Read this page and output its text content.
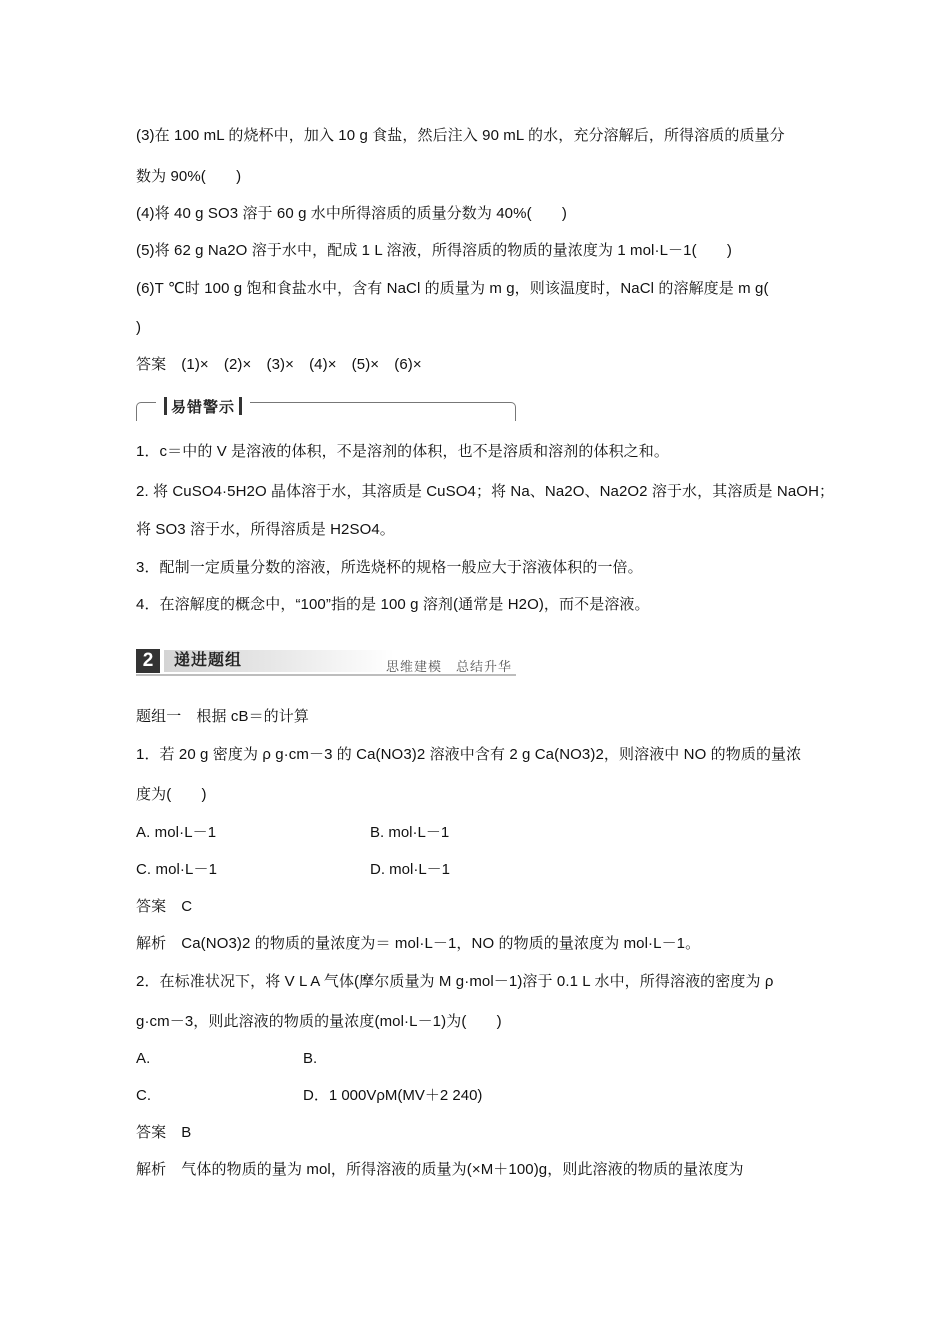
(3)在 100 mL 的烧杯中，加入 10 g 食盐，然后注入 90 mL 的水，充分溶解后，所得溶质的质量分
数为 90%(　　)
(4)将 40 g SO3 溶于 60 g 水中所得溶质的质量分数为 40%(　　)
(5)将 62 g Na2O 溶于水中，配成 1 L 溶液，所得溶质的物质的量浓度为 1 mol·L－1(　　)
(6)T ℃时 100 g 饱和食盐水中，含有 NaCl 的质量为 m g，则该温度时，NaCl 的溶解度是 m g(
)
答案　(1)×　(2)×　(3)×　(4)×　(5)×　(6)×
易错警示
1．c＝中的 V 是溶液的体积，不是溶剂的体积，也不是溶质和溶剂的体积之和。
2. 将 CuSO4·5H2O 晶体溶于水，其溶质是 CuSO4；将 Na、Na2O、Na2O2 溶于水，其溶质是 NaOH；
将 SO3 溶于水，所得溶质是 H2SO4。
3．配制一定质量分数的溶液，所选烧杯的规格一般应大于溶液体积的一倍。
4．在溶解度的概念中，“100”指的是 100 g 溶剂(通常是 H2O)，而不是溶液。
2	递进题组	思维建模　总结升华
题组一　根据 cB＝的计算
1．若 20 g 密度为 ρ g·cm－3 的 Ca(NO3)2 溶液中含有 2 g Ca(NO3)2，则溶液中 NO 的物质的量浓
度为(　　)
A. mol·L－1	B. mol·L－1
C. mol·L－1	D. mol·L－1
答案　C
解析　Ca(NO3)2 的物质的量浓度为＝ mol·L－1，NO 的物质的量浓度为 mol·L－1。
2．在标准状况下，将 V L A 气体(摩尔质量为 M g·mol－1)溶于 0.1 L 水中，所得溶液的密度为 ρ
g·cm－3，则此溶液的物质的量浓度(mol·L－1)为(　　)
A.	B.
C.	D．1 000VρM(MV＋2 240)
答案　B
解析　气体的物质的量为 mol，所得溶液的质量为(×M＋100)g，则此溶液的物质的量浓度为
